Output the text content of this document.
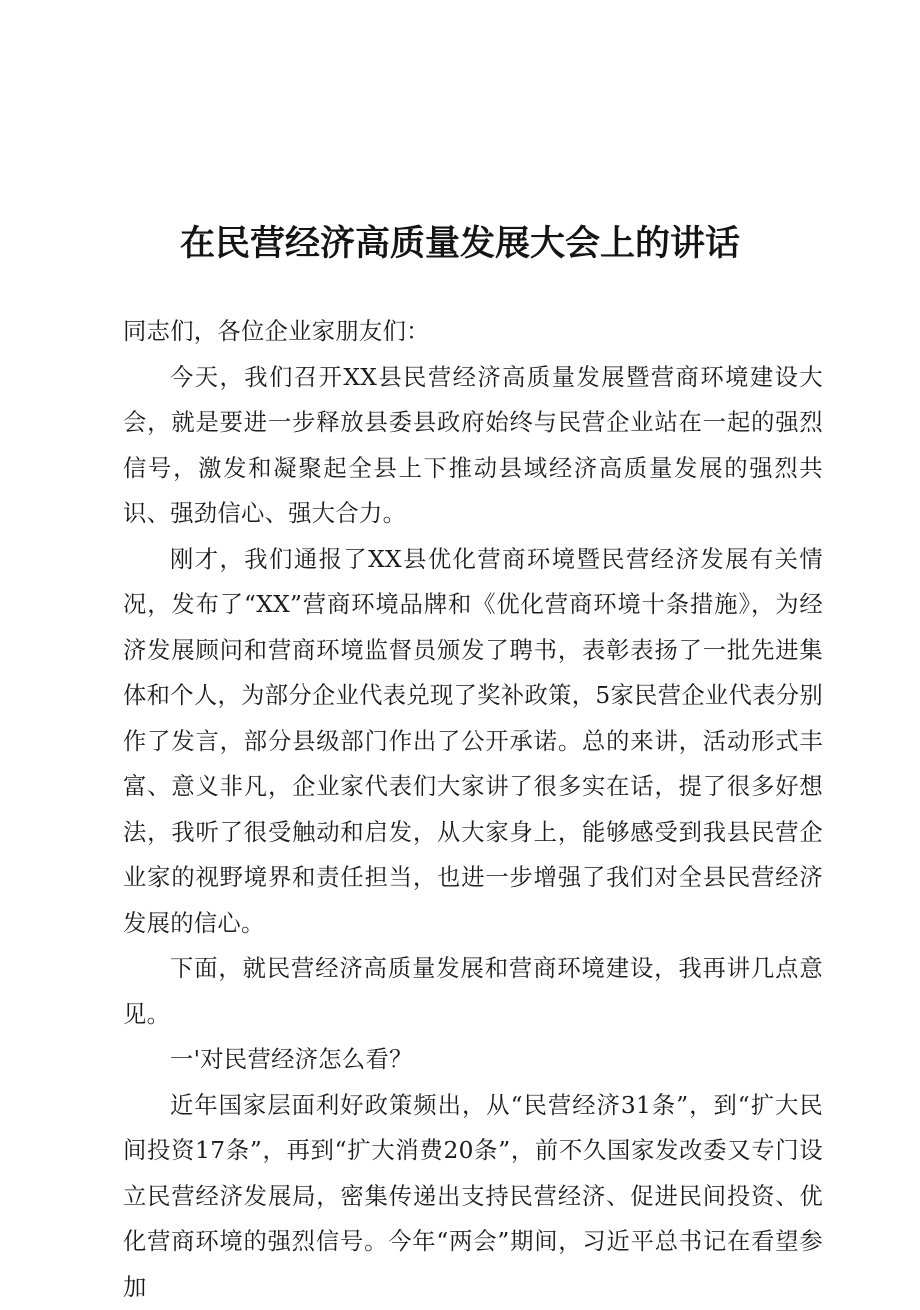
在民营经济高质量发展大会上的讲话

同志们，各位企业家朋友们：

今天，我们召开XX县民营经济高质量发展暨营商环境建设大会，就是要进一步释放县委县政府始终与民营企业站在一起的强烈信号，激发和凝聚起全县上下推动县域经济高质量发展的强烈共识、强劲信心、强大合力。

刚才，我们通报了XX县优化营商环境暨民营经济发展有关情况，发布了“XX”营商环境品牌和《优化营商环境十条措施》，为经济发展顾问和营商环境监督员颁发了聘书，表彰表扬了一批先进集体和个人，为部分企业代表兑现了奖补政策，5家民营企业代表分别作了发言，部分县级部门作出了公开承诺。总的来讲，活动形式丰富、意义非凡，企业家代表们大家讲了很多实在话，提了很多好想法，我听了很受触动和启发，从大家身上，能够感受到我县民营企业家的视野境界和责任担当，也进一步增强了我们对全县民营经济发展的信心。

下面，就民营经济高质量发展和营商环境建设，我再讲几点意见。

一'对民营经济怎么看？

近年国家层面利好政策频出，从“民营经济31条”，到“扩大民间投资17条”，再到“扩大消费20条”，前不久国家发改委又专门设立民营经济发展局，密集传递出支持民营经济、促进民间投资、优化营商环境的强烈信号。今年“两会”期间，习近平总书记在看望参加
